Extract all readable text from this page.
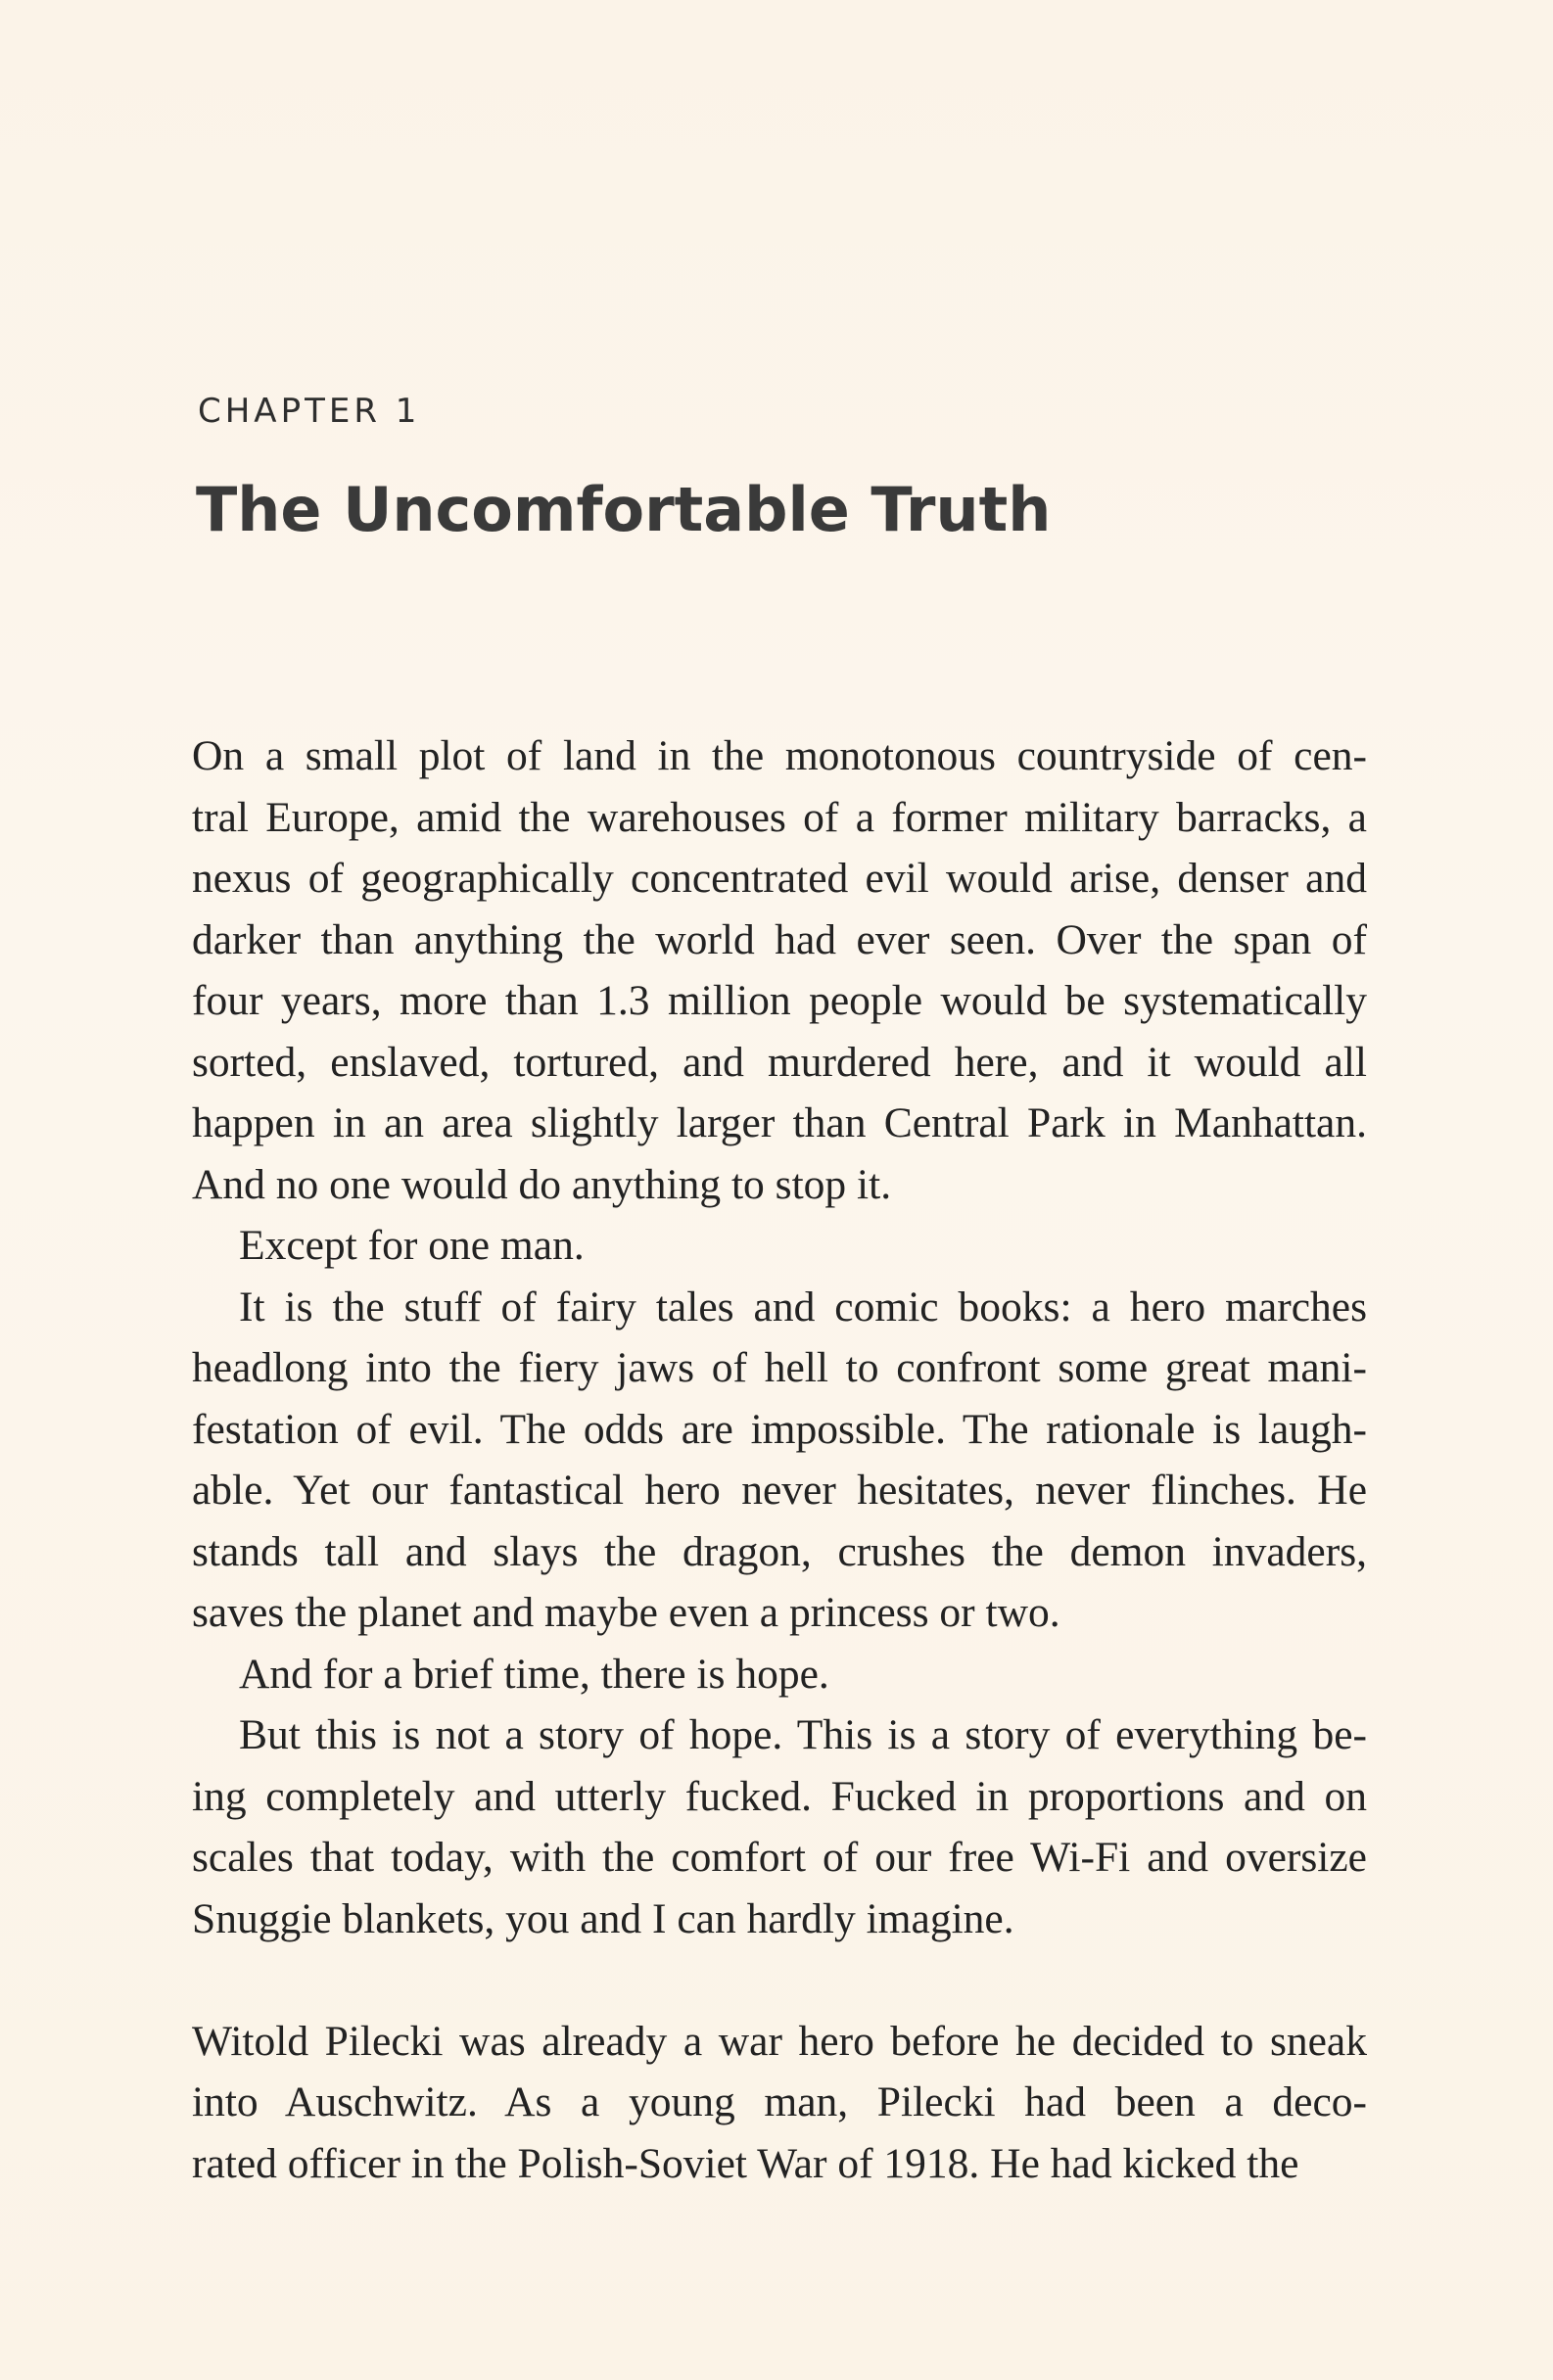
CHAPTER 1
The Uncomfortable Truth
On a small plot of land in the monotonous countryside of cen-
tral Europe, amid the warehouses of a former military barracks, a
nexus of geographically concentrated evil would arise, denser and
darker than anything the world had ever seen. Over the span of
four years, more than 1.3 million people would be systematically
sorted, enslaved, tortured, and murdered here, and it would all
happen in an area slightly larger than Central Park in Manhattan.
And no one would do anything to stop it.
Except for one man.
It is the stuff of fairy tales and comic books: a hero marches
headlong into the fiery jaws of hell to confront some great mani-
festation of evil. The odds are impossible. The rationale is laugh-
able. Yet our fantastical hero never hesitates, never flinches. He
stands tall and slays the dragon, crushes the demon invaders,
saves the planet and maybe even a princess or two.
And for a brief time, there is hope.
But this is not a story of hope. This is a story of everything be-
ing completely and utterly fucked. Fucked in proportions and on
scales that today, with the comfort of our free Wi-Fi and oversize
Snuggie blankets, you and I can hardly imagine.
Witold Pilecki was already a war hero before he decided to sneak
into Auschwitz. As a young man, Pilecki had been a deco-
rated officer in the Polish-Soviet War of 1918. He had kicked the
